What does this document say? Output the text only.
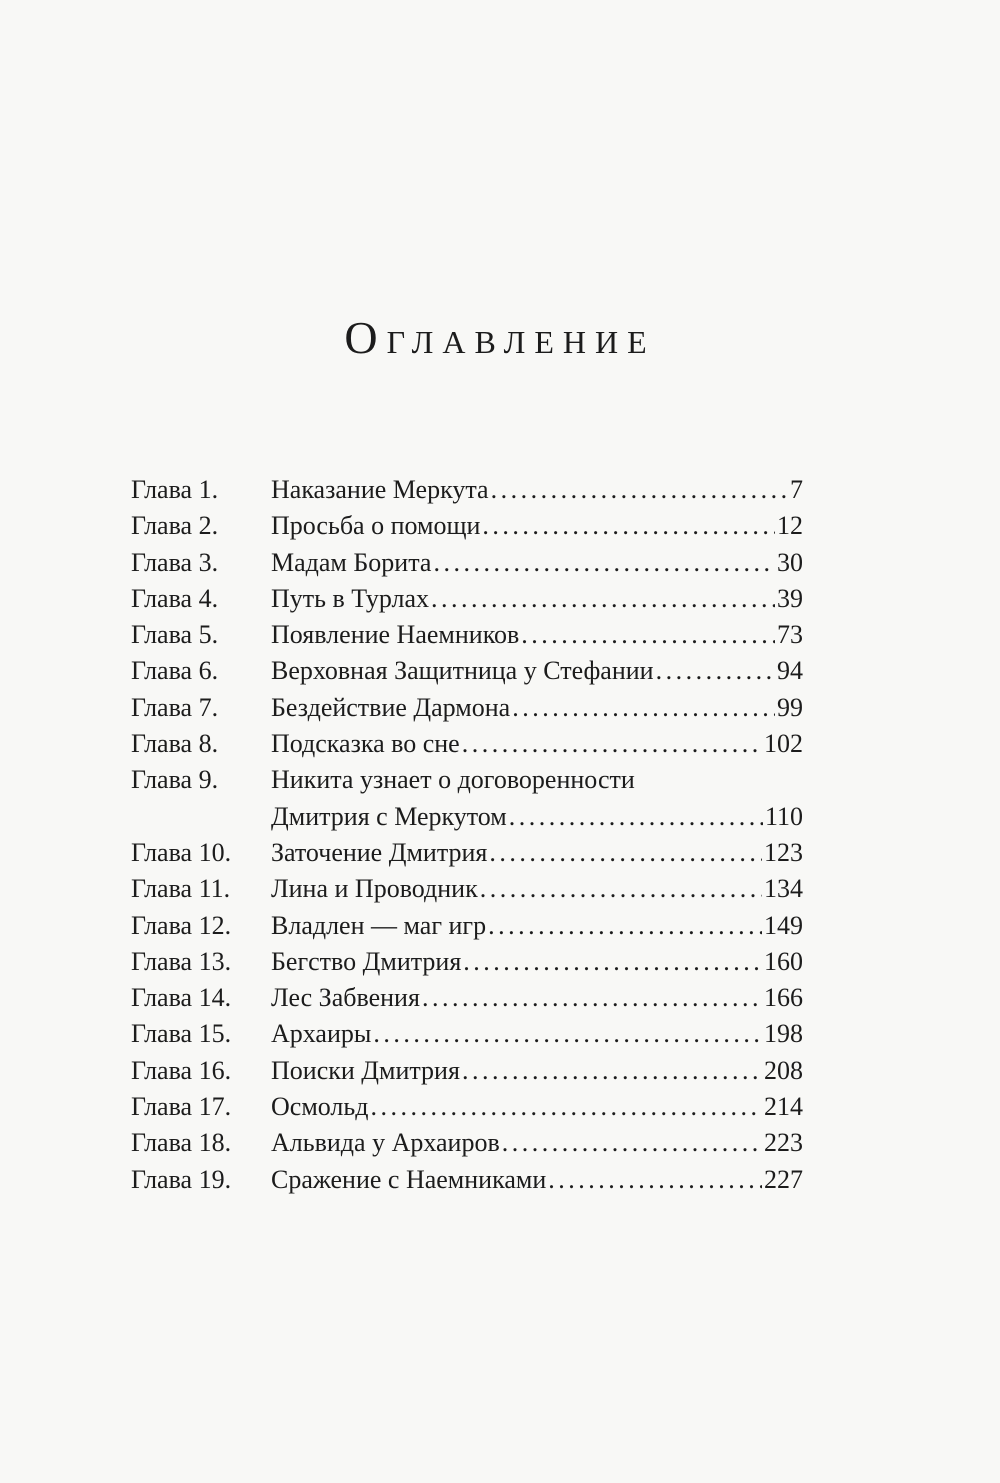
Оглавление
Глава 1. Наказание Меркута . . .	7
Глава 2. Просьба о помощи . . .	12
Глава 3. Мадам Борита . . .	30
Глава 4. Путь в Турлах . . .	39
Глава 5. Появление Наемников . . .	73
Глава 6. Верховная Защитница у Стефании . . .	94
Глава 7. Бездействие Дармона . . .	99
Глава 8. Подсказка во сне . . .	102
Глава 9. Никита узнает о договоренности
Дмитрия с Меркутом . . .	110
Глава 10. Заточение Дмитрия . . .	123
Глава 11. Лина и Проводник . . .	134
Глава 12. Владлен — маг игр . . .	149
Глава 13. Бегство Дмитрия . . .	160
Глава 14. Лес Забвения . . .	166
Глава 15. Архаиры . . .	198
Глава 16. Поиски Дмитрия . . .	208
Глава 17. Осмольд . . .	214
Глава 18. Альвида у Архаиров . . .	223
Глава 19. Сражение с Наемниками . . .	227
